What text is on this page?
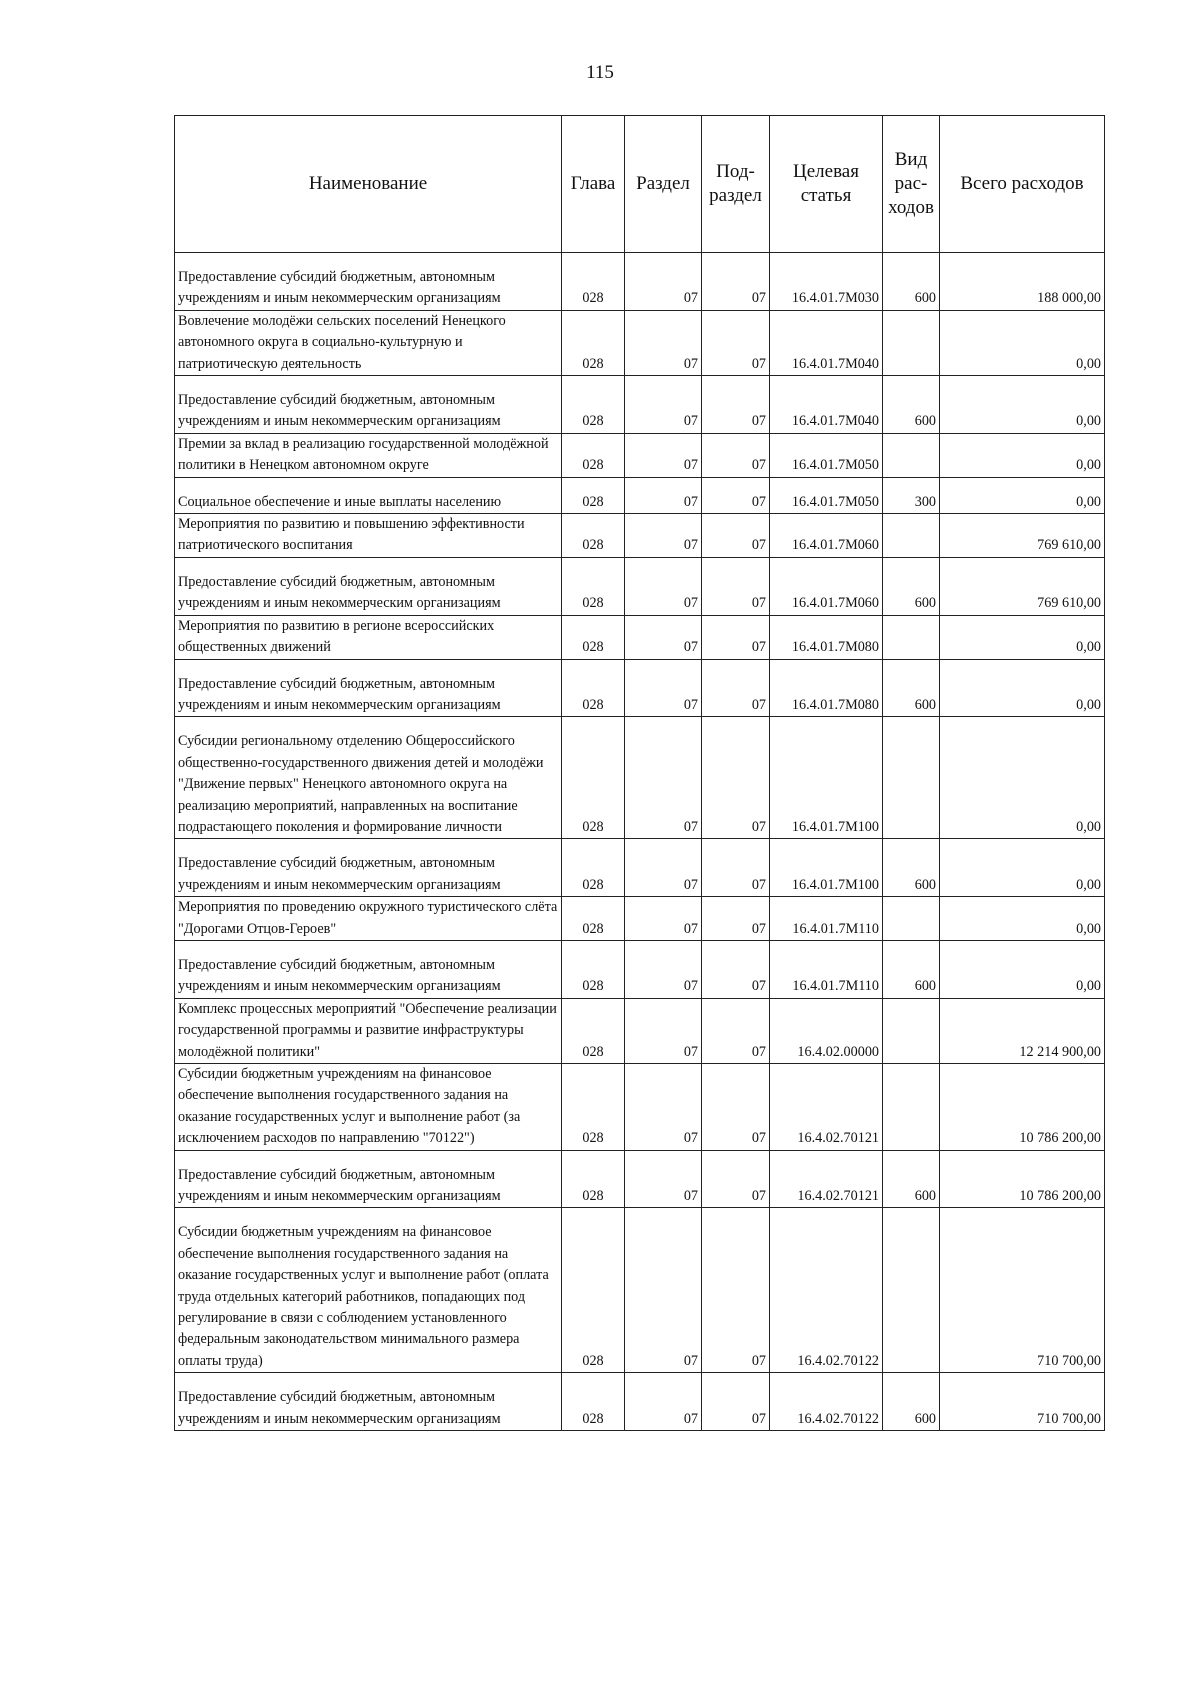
115
Наименование	Глава	Раздел	Под-раздел	Целевая статья	Вид рас-ходов	Всего расходов

Предоставление субсидий бюджетным, автономным учреждениям и иным некоммерческим организациям	028	07	07	16.4.01.7М030	600	188 000,00
Вовлечение молодёжи сельских поселений Ненецкого автономного округа в социально-культурную и патриотическую деятельность	028	07	07	16.4.01.7М040		0,00

Предоставление субсидий бюджетным, автономным учреждениям и иным некоммерческим организациям	028	07	07	16.4.01.7М040	600	0,00
Премии за вклад в реализацию государственной молодёжной политики в Ненецком автономном округе	028	07	07	16.4.01.7М050		0,00

Социальное обеспечение и иные выплаты населению	028	07	07	16.4.01.7М050	300	0,00
Мероприятия по развитию и повышению эффективности патриотического воспитания	028	07	07	16.4.01.7М060		769 610,00

Предоставление субсидий бюджетным, автономным учреждениям и иным некоммерческим организациям	028	07	07	16.4.01.7М060	600	769 610,00
Мероприятия по развитию в регионе всероссийских общественных движений	028	07	07	16.4.01.7М080		0,00

Предоставление субсидий бюджетным, автономным учреждениям и иным некоммерческим организациям	028	07	07	16.4.01.7М080	600	0,00

Субсидии региональному отделению Общероссийского общественно-государственного движения детей и молодёжи "Движение первых" Ненецкого автономного округа на реализацию мероприятий, направленных на воспитание подрастающего поколения и формирование личности	028	07	07	16.4.01.7М100		0,00

Предоставление субсидий бюджетным, автономным учреждениям и иным некоммерческим организациям	028	07	07	16.4.01.7М100	600	0,00
Мероприятия по проведению окружного туристического слёта "Дорогами Отцов-Героев"	028	07	07	16.4.01.7М110		0,00

Предоставление субсидий бюджетным, автономным учреждениям и иным некоммерческим организациям	028	07	07	16.4.01.7М110	600	0,00
Комплекс процессных мероприятий "Обеспечение реализации государственной программы и развитие инфраструктуры молодёжной политики"	028	07	07	16.4.02.00000		12 214 900,00
Субсидии бюджетным учреждениям на финансовое обеспечение выполнения государственного задания на оказание государственных услуг и выполнение работ (за исключением расходов по направлению "70122")	028	07	07	16.4.02.70121		10 786 200,00

Предоставление субсидий бюджетным, автономным учреждениям и иным некоммерческим организациям	028	07	07	16.4.02.70121	600	10 786 200,00

Субсидии бюджетным учреждениям на финансовое обеспечение выполнения государственного задания на оказание государственных услуг и выполнение работ (оплата труда отдельных категорий работников, попадающих под регулирование в связи с соблюдением установленного федеральным законодательством минимального размера оплаты труда)	028	07	07	16.4.02.70122		710 700,00

Предоставление субсидий бюджетным, автономным учреждениям и иным некоммерческим организациям	028	07	07	16.4.02.70122	600	710 700,00
